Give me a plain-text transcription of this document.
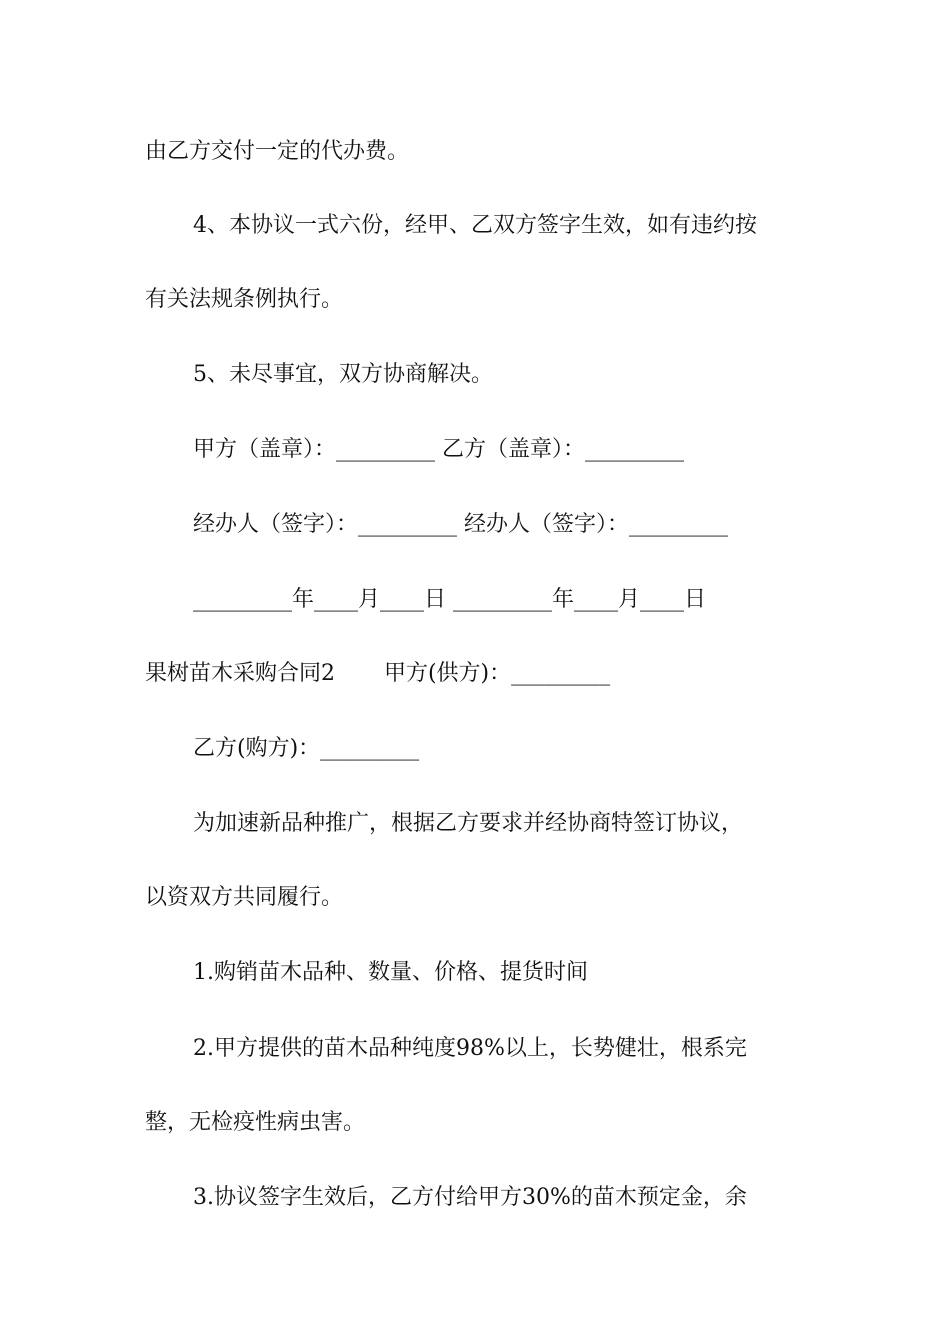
由乙方交付一定的代办费。
4、本协议一式六份，经甲、乙双方签字生效，如有违约按
有关法规条例执行。
5、未尽事宜，双方协商解决。
甲方（盖章）：_________ 乙方（盖章）：_________
经办人（签字）：_________ 经办人（签字）：_________
_________年____月____日 _________年____月____日
果树苗木采购合同2       甲方(供方)：_________
乙方(购方)：_________
为加速新品种推广，根据乙方要求并经协商特签订协议，
以资双方共同履行。
1.购销苗木品种、数量、价格、提货时间
2.甲方提供的苗木品种纯度98%以上，长势健壮，根系完
整，无检疫性病虫害。
3.协议签字生效后，乙方付给甲方30%的苗木预定金，余
